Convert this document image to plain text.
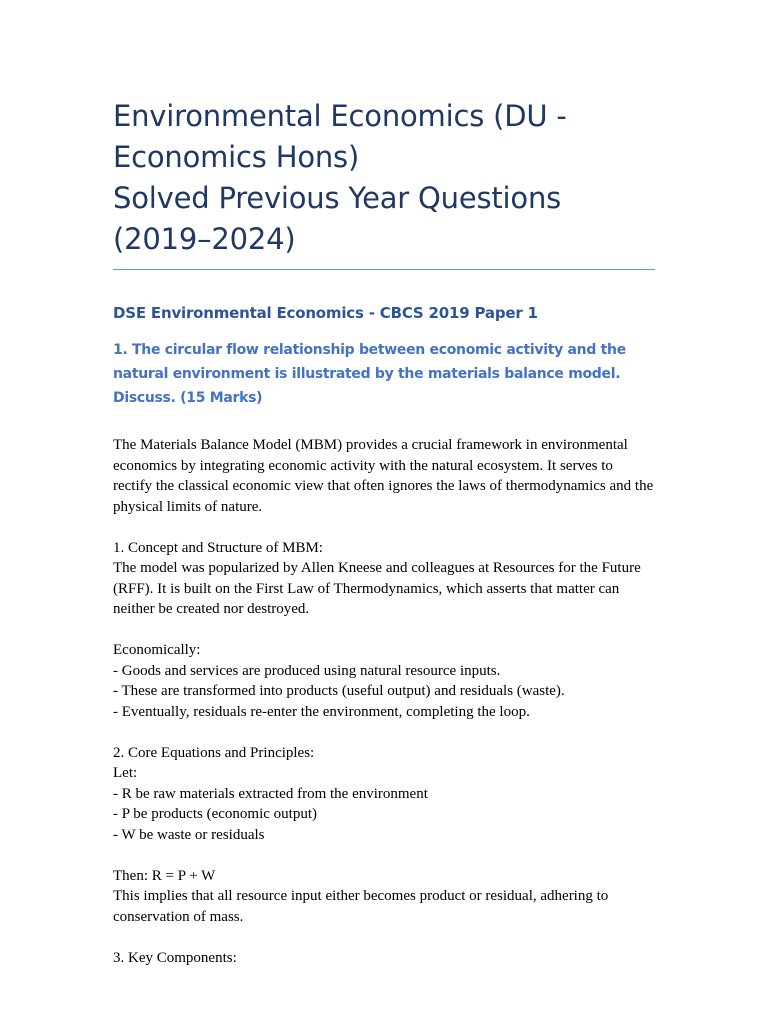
Environmental Economics (DU - Economics Hons)
Solved Previous Year Questions (2019–2024)
DSE Environmental Economics - CBCS 2019 Paper 1
1. The circular flow relationship between economic activity and the natural environment is illustrated by the materials balance model. Discuss. (15 Marks)

The Materials Balance Model (MBM) provides a crucial framework in environmental economics by integrating economic activity with the natural ecosystem. It serves to rectify the classical economic view that often ignores the laws of thermodynamics and the physical limits of nature.

1. Concept and Structure of MBM:

The model was popularized by Allen Kneese and colleagues at Resources for the Future (RFF). It is built on the First Law of Thermodynamics, which asserts that matter can neither be created nor destroyed.

Economically:

- Goods and services are produced using natural resource inputs.

- These are transformed into products (useful output) and residuals (waste).

- Eventually, residuals re-enter the environment, completing the loop.

2. Core Equations and Principles:

Let:

- R be raw materials extracted from the environment

- P be products (economic output)

- W be waste or residuals

Then: R = P + W

This implies that all resource input either becomes product or residual, adhering to conservation of mass.

3. Key Components:
